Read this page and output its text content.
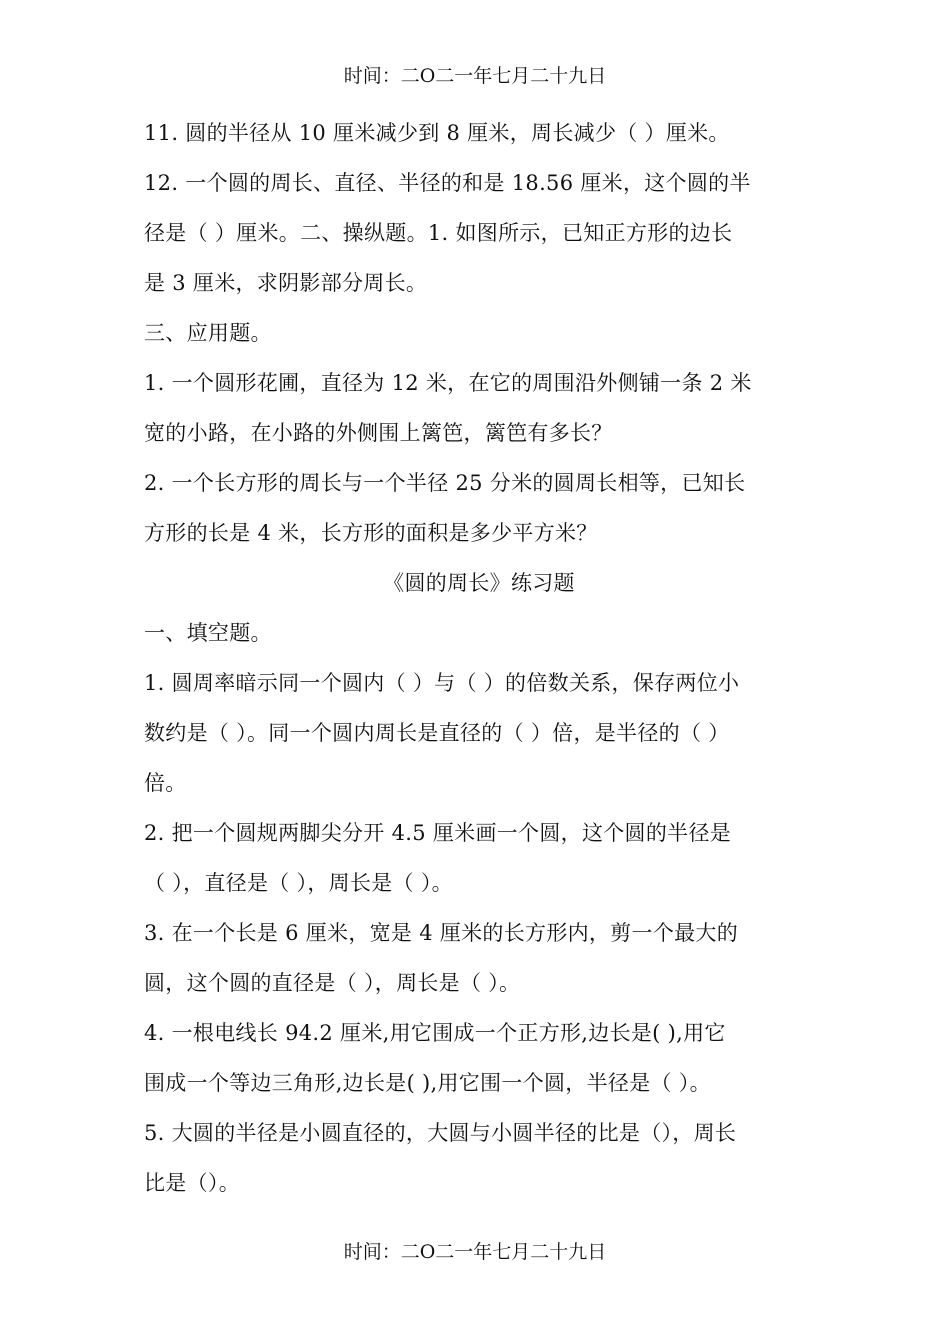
时间：二O二一年七月二十九日
11. 圆的半径从 10 厘米减少到 8 厘米，周长减少（ ）厘米。
12. 一个圆的周长、直径、半径的和是 18.56 厘米，这个圆的半
径是（ ）厘米。二、操纵题。1. 如图所示，已知正方形的边长
是 3 厘米，求阴影部分周长。
三、应用题。
1. 一个圆形花圃，直径为 12 米，在它的周围沿外侧铺一条 2 米
宽的小路，在小路的外侧围上篱笆，篱笆有多长？
2. 一个长方形的周长与一个半径 25 分米的圆周长相等，已知长
方形的长是 4 米，长方形的面积是多少平方米？
《圆的周长》练习题
一、填空题。
1. 圆周率暗示同一个圆内（ ）与（ ）的倍数关系，保存两位小
数约是（ ）。同一个圆内周长是直径的（ ）倍，是半径的（ ）
倍。
2. 把一个圆规两脚尖分开 4.5 厘米画一个圆，这个圆的半径是
（ ），直径是（ ），周长是（ ）。
3. 在一个长是 6 厘米，宽是 4 厘米的长方形内，剪一个最大的
圆，这个圆的直径是（ ），周长是（ ）。
4. 一根电线长 94.2 厘米,用它围成一个正方形,边长是( ),用它
围成一个等边三角形,边长是( ),用它围一个圆，半径是（ ）。
5. 大圆的半径是小圆直径的，大圆与小圆半径的比是（），周长
比是（）。
时间：二O二一年七月二十九日
